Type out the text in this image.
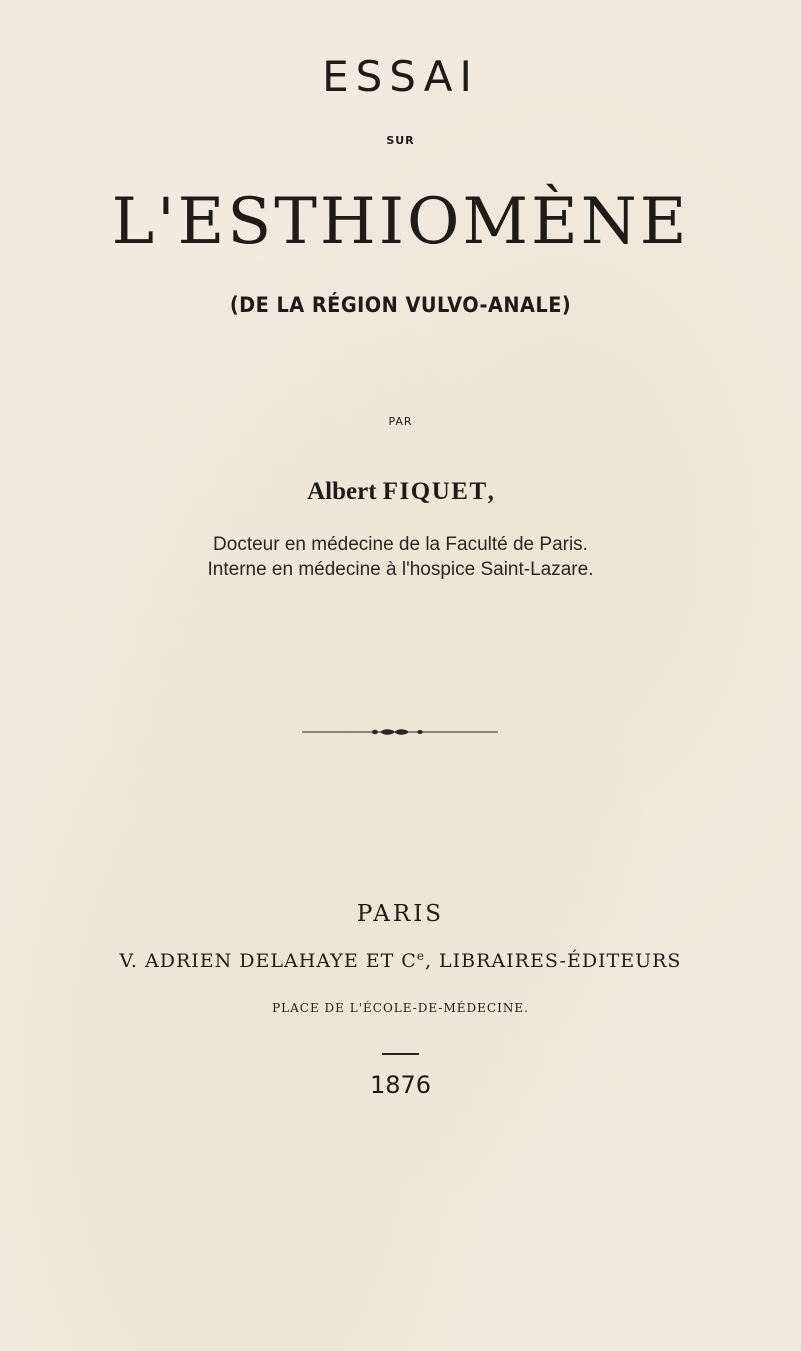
ESSAI
SUR
L'ESTHIOMÈNE
(DE LA RÉGION VULVO-ANALE)
PAR
Albert FIQUET,
Docteur en médecine de la Faculté de Paris.
Interne en médecine à l'hospice Saint-Lazare.
PARIS
V. ADRIEN DELAHAYE ET Ce, LIBRAIRES-ÉDITEURS
PLACE DE L'ÉCOLE-DE-MÉDECINE.
1876
